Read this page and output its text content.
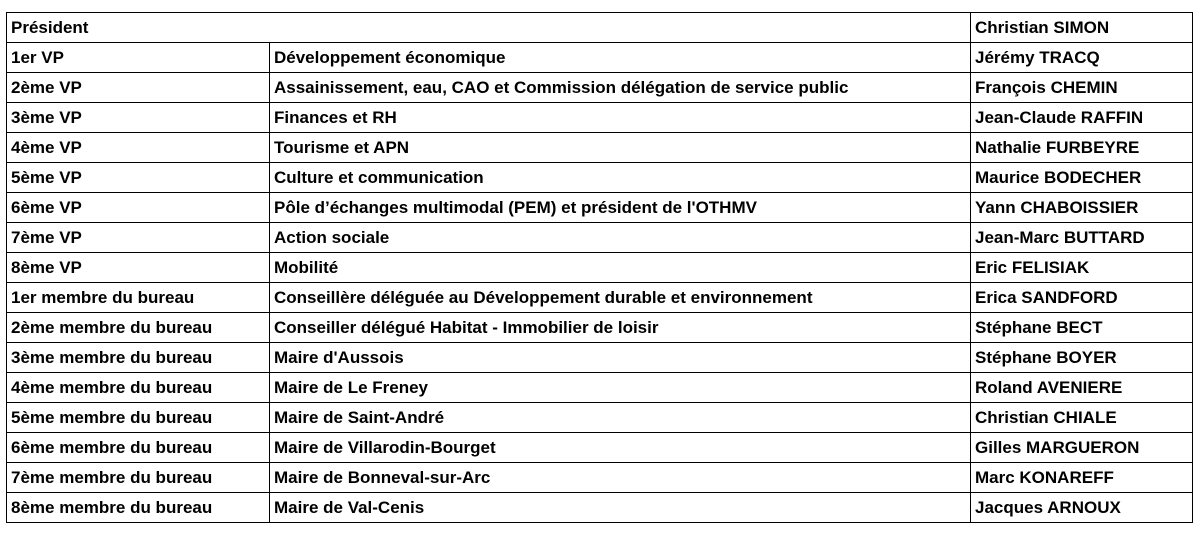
Président		Christian SIMON
1er VP	Développement économique	Jérémy TRACQ
2ème VP	Assainissement, eau, CAO et Commission délégation de service public	François CHEMIN
3ème VP	Finances et RH	Jean-Claude RAFFIN
4ème VP	Tourisme et APN	Nathalie FURBEYRE
5ème VP	Culture et communication	Maurice BODECHER
6ème VP	Pôle d’échanges multimodal (PEM) et président de l'OTHMV	Yann CHABOISSIER
7ème VP	Action sociale	Jean-Marc BUTTARD
8ème VP	Mobilité	Eric FELISIAK
1er membre du bureau	Conseillère déléguée au Développement durable et environnement	Erica SANDFORD
2ème membre du bureau	Conseiller délégué Habitat - Immobilier de loisir	Stéphane BECT
3ème membre du bureau	Maire d'Aussois	Stéphane BOYER
4ème membre du bureau	Maire de Le Freney	Roland AVENIERE
5ème membre du bureau	Maire de Saint-André	Christian CHIALE
6ème membre du bureau	Maire de Villarodin-Bourget	Gilles MARGUERON
7ème membre du bureau	Maire de Bonneval-sur-Arc	Marc KONAREFF
8ème membre du bureau	Maire de Val-Cenis	Jacques ARNOUX
